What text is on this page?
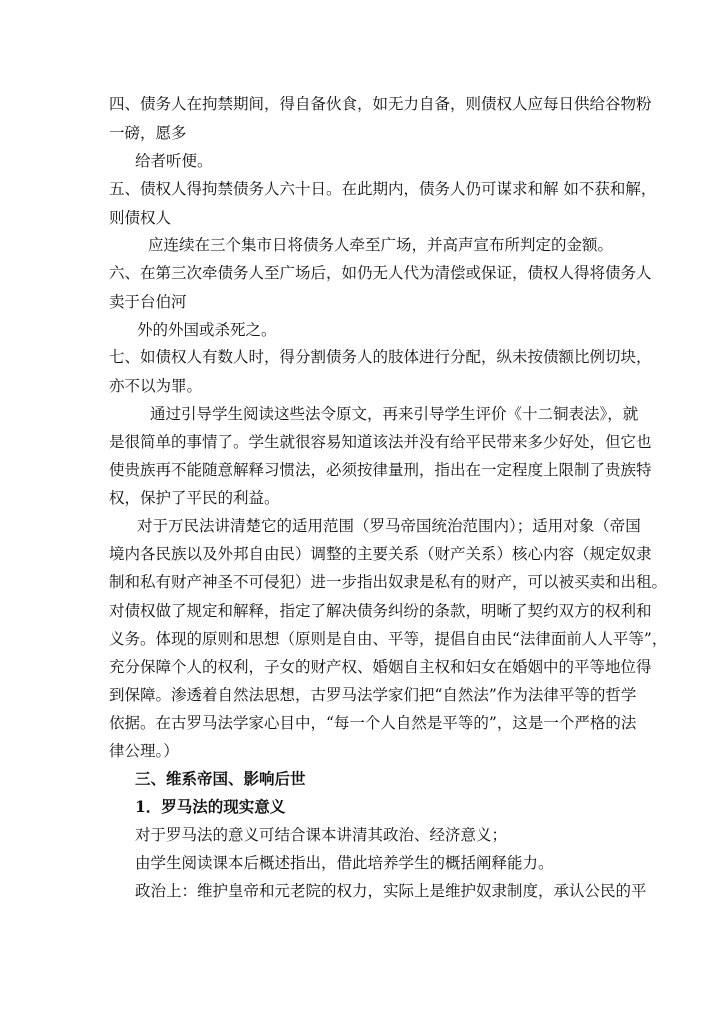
四、债务人在拘禁期间，得自备伙食，如无力自备，则债权人应每日供给谷物粉
一磅，愿多
给者听便。
五、债权人得拘禁债务人六十日。在此期内，债务人仍可谋求和解 如不获和解，
则债权人
应连续在三个集市日将债务人牵至广场，并高声宣布所判定的金额。
六、在第三次牵债务人至广场后，如仍无人代为清偿或保证，债权人得将债务人
卖于台伯河
外的外国或杀死之。
七、如债权人有数人时，得分割债务人的肢体进行分配，纵未按债额比例切块，
亦不以为罪。
通过引导学生阅读这些法令原文，再来引导学生评价《十二铜表法》，就
是很简单的事情了。学生就很容易知道该法并没有给平民带来多少好处，但它也
使贵族再不能随意解释习惯法，必须按律量刑，指出在一定程度上限制了贵族特
权，保护了平民的利益。
对于万民法讲清楚它的适用范围（罗马帝国统治范围内）；适用对象（帝国
境内各民族以及外邦自由民）调整的主要关系（财产关系）核心内容（规定奴隶
制和私有财产神圣不可侵犯）进一步指出奴隶是私有的财产，可以被买卖和出租。
对债权做了规定和解释，指定了解决债务纠纷的条款，明晰了契约双方的权利和
义务。体现的原则和思想（原则是自由、平等，提倡自由民“法律面前人人平等”，
充分保障个人的权利，子女的财产权、婚姻自主权和妇女在婚姻中的平等地位得
到保障。渗透着自然法思想，古罗马法学家们把“自然法”作为法律平等的哲学
依据。在古罗马法学家心目中，“每一个人自然是平等的”，这是一个严格的法
律公理。）
三、维系帝国、影响后世
1．罗马法的现实意义
对于罗马法的意义可结合课本讲清其政治、经济意义；
由学生阅读课本后概述指出，借此培养学生的概括阐释能力。
政治上：维护皇帝和元老院的权力，实际上是维护奴隶制度，承认公民的平
